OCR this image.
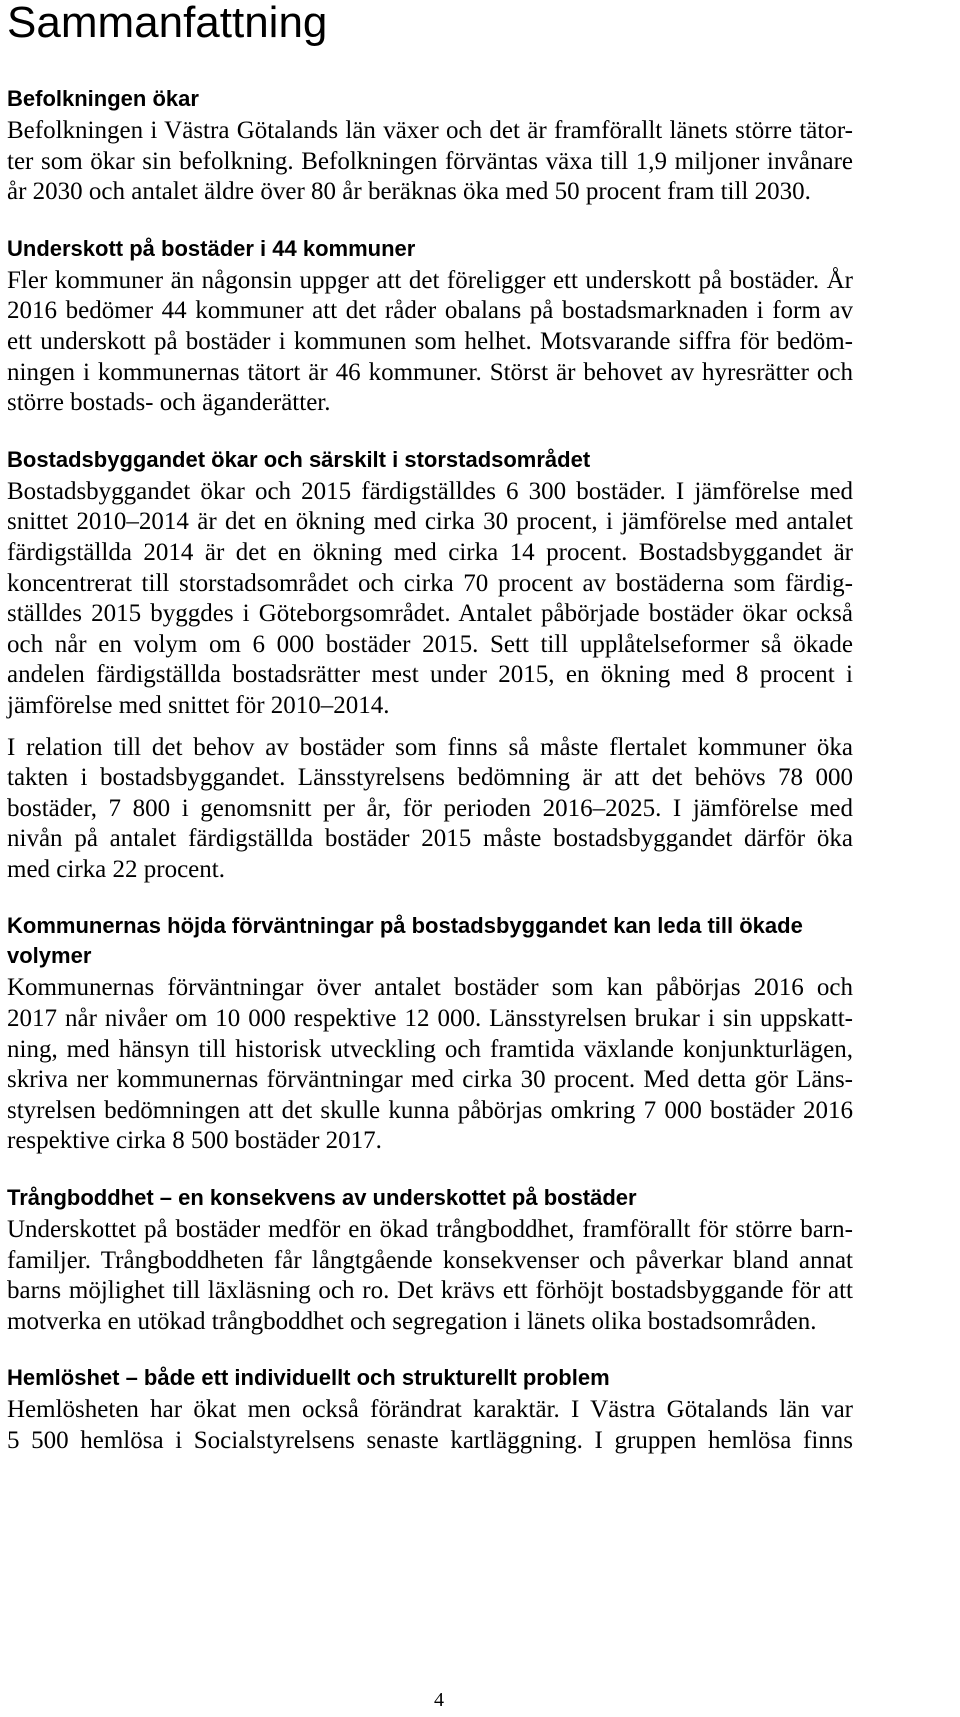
Sammanfattning
Befolkningen ökar
Befolkningen i Västra Götalands län växer och det är framförallt länets större tätor-
ter som ökar sin befolkning. Befolkningen förväntas växa till 1,9 miljoner invånare
år 2030 och antalet äldre över 80 år beräknas öka med 50 procent fram till 2030.
Underskott på bostäder i 44 kommuner
Fler kommuner än någonsin uppger att det föreligger ett underskott på bostäder. År
2016 bedömer 44 kommuner att det råder obalans på bostadsmarknaden i form av
ett underskott på bostäder i kommunen som helhet. Motsvarande siffra för bedöm-
ningen i kommunernas tätort är 46 kommuner. Störst är behovet av hyresrätter och
större bostads- och äganderätter.
Bostadsbyggandet ökar och särskilt i storstadsområdet
Bostadsbyggandet ökar och 2015 färdigställdes 6 300 bostäder. I jämförelse med
snittet 2010–2014 är det en ökning med cirka 30 procent, i jämförelse med antalet
färdigställda 2014 är det en ökning med cirka 14 procent. Bostadsbyggandet är
koncentrerat till storstadsområdet och cirka 70 procent av bostäderna som färdig-
ställdes 2015 byggdes i Göteborgsområdet. Antalet påbörjade bostäder ökar också
och når en volym om 6 000 bostäder 2015. Sett till upplåtelseformer så ökade
andelen färdigställda bostadsrätter mest under 2015, en ökning med 8 procent i
jämförelse med snittet för 2010–2014.
I relation till det behov av bostäder som finns så måste flertalet kommuner öka
takten i bostadsbyggandet. Länsstyrelsens bedömning är att det behövs 78 000
bostäder, 7 800 i genomsnitt per år, för perioden 2016–2025. I jämförelse med
nivån på antalet färdigställda bostäder 2015 måste bostadsbyggandet därför öka
med cirka 22 procent.
Kommunernas höjda förväntningar på bostadsbyggandet kan leda till ökade
volymer
Kommunernas förväntningar över antalet bostäder som kan påbörjas 2016 och
2017 når nivåer om 10 000 respektive 12 000. Länsstyrelsen brukar i sin uppskatt-
ning, med hänsyn till historisk utveckling och framtida växlande konjunkturlägen,
skriva ner kommunernas förväntningar med cirka 30 procent. Med detta gör Läns-
styrelsen bedömningen att det skulle kunna påbörjas omkring 7 000 bostäder 2016
respektive cirka 8 500 bostäder 2017.
Trångboddhet – en konsekvens av underskottet på bostäder
Underskottet på bostäder medför en ökad trångboddhet, framförallt för större barn-
familjer. Trångboddheten får långtgående konsekvenser och påverkar bland annat
barns möjlighet till läxläsning och ro. Det krävs ett förhöjt bostadsbyggande för att
motverka en utökad trångboddhet och segregation i länets olika bostadsområden.
Hemlöshet – både ett individuellt och strukturellt problem
Hemlösheten har ökat men också förändrat karaktär. I Västra Götalands län var
5 500 hemlösa i Socialstyrelsens senaste kartläggning. I gruppen hemlösa finns
4
